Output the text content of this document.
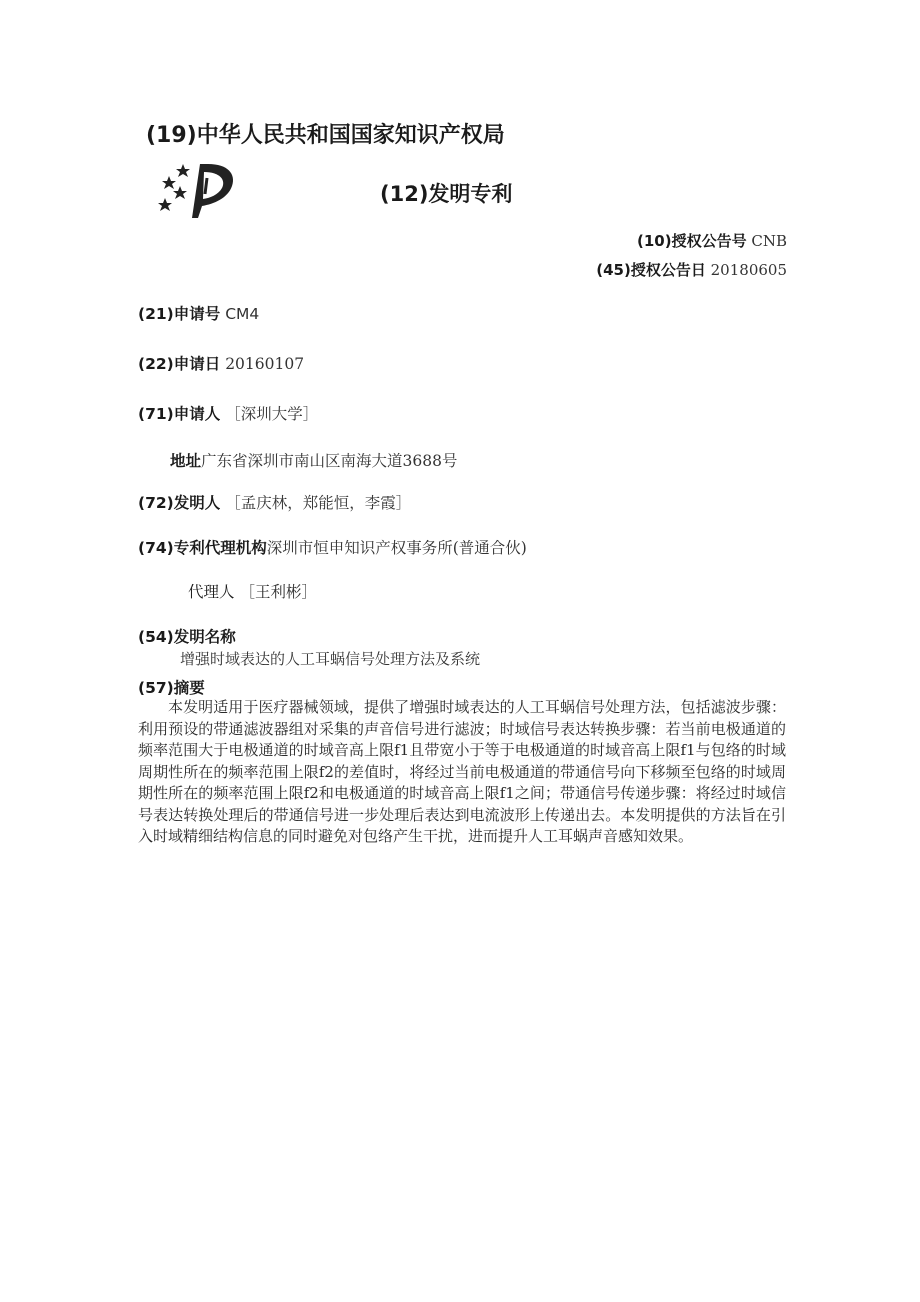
(19)中华人民共和国国家知识产权局
(12)发明专利
(10)授权公告号 CNB
(45)授权公告日 20180605
(21)申请号 CM4
(22)申请日 20160107
(71)申请人 ［深圳大学］
地址广东省深圳市南山区南海大道3688号
(72)发明人 ［孟庆林，郑能恒，李霞］
(74)专利代理机构深圳市恒申知识产权事务所(普通合伙)
代理人 ［王利彬］
(54)发明名称
增强时域表达的人工耳蜗信号处理方法及系统
(57)摘要
本发明适用于医疗器械领域，提供了增强时域表达的人工耳蜗信号处理方法，包括滤波步骤：利用预设的带通滤波器组对采集的声音信号进行滤波；时域信号表达转换步骤：若当前电极通道的频率范围大于电极通道的时域音高上限f1且带宽小于等于电极通道的时域音高上限f1与包络的时域周期性所在的频率范围上限f2的差值时，将经过当前电极通道的带通信号向下移频至包络的时域周期性所在的频率范围上限f2和电极通道的时域音高上限f1之间；带通信号传递步骤：将经过时域信号表达转换处理后的带通信号进一步处理后表达到电流波形上传递出去。本发明提供的方法旨在引入时域精细结构信息的同时避免对包络产生干扰，进而提升人工耳蜗声音感知效果。
